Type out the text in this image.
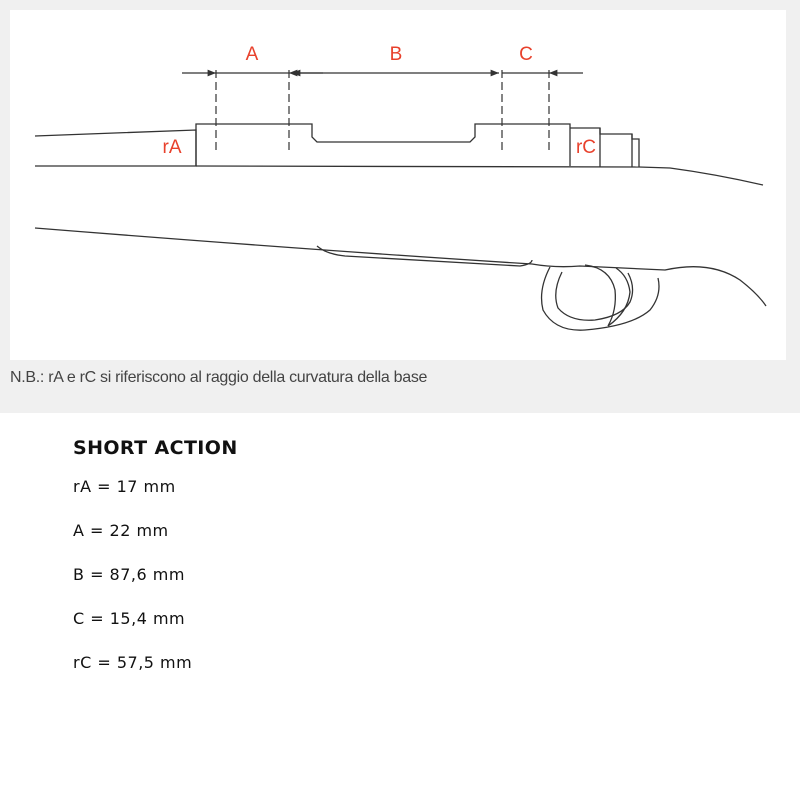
A	B	C
rA	rC
N.B.: rA e rC si riferiscono al raggio della curvatura della base
SHORT ACTION
rA = 17 mm
A = 22 mm
B = 87,6 mm
C = 15,4 mm
rC = 57,5 mm
